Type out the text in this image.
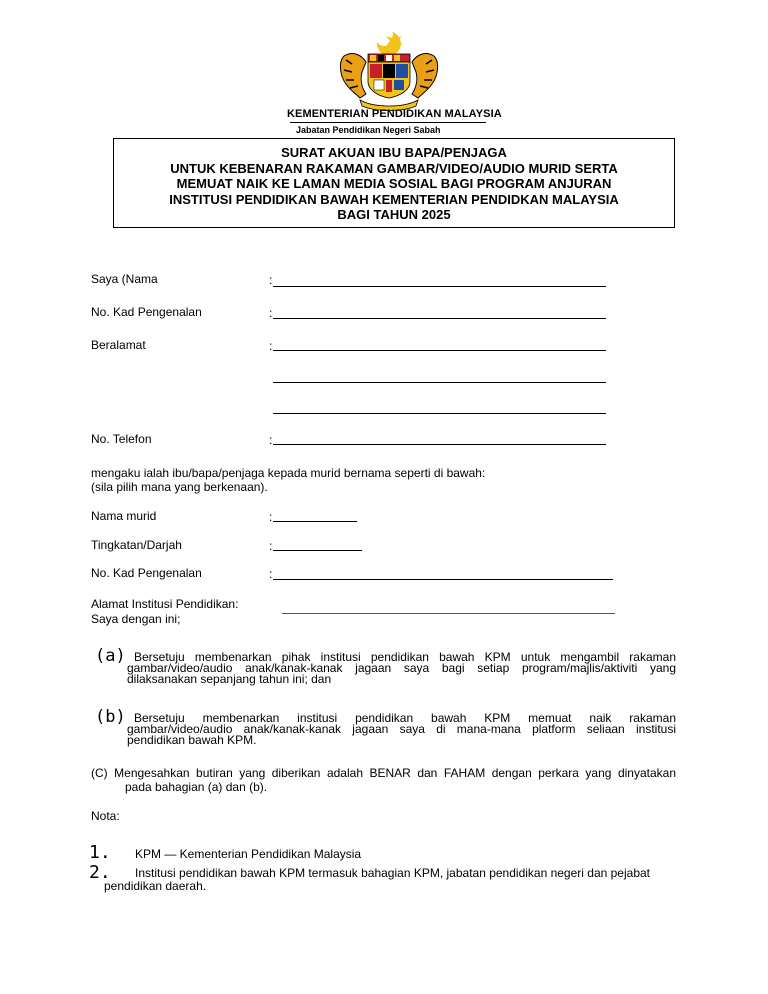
KEMENTERIAN PENDIDIKAN MALAYSIA
Jabatan Pendidikan Negeri Sabah
SURAT AKUAN IBU BAPA/PENJAGA
UNTUK KEBENARAN RAKAMAN GAMBAR/VIDEO/AUDIO MURID SERTA
MEMUAT NAIK KE LAMAN MEDIA SOSIAL BAGI PROGRAM ANJURAN
INSTITUSI PENDIDIKAN BAWAH KEMENTERIAN PENDIDKAN MALAYSIA
BAGI TAHUN 2025
Saya (Nama	:
No. Kad Pengenalan	:
Beralamat	:
No. Telefon	:
mengaku ialah ibu/bapa/penjaga kepada murid bernama seperti di bawah:
(sila pilih mana yang berkenaan).
Nama murid	:
Tingkatan/Darjah	:
No. Kad Pengenalan	:
Alamat Institusi Pendidikan:
Saya dengan ini;
(a) Bersetuju membenarkan pihak institusi pendidikan bawah KPM untuk mengambil rakaman
gambar/video/audio anak/kanak-kanak jagaan saya bagi setiap program/majlis/aktiviti yang
dilaksanakan sepanjang tahun ini; dan
(b) Bersetuju membenarkan institusi pendidikan bawah KPM memuat naik rakaman
gambar/video/audio anak/kanak-kanak jagaan saya di mana-mana platform seliaan institusi
pendidikan bawah KPM.
(C) Mengesahkan butiran yang diberikan adalah BENAR dan FAHAM dengan perkara yang dinyatakan
pada bahagian (a) dan (b).
Nota:
1. KPM — Kementerian Pendidikan Malaysia
2. Institusi pendidikan bawah KPM termasuk bahagian KPM, jabatan pendidikan negeri dan pejabat
pendidikan daerah.
